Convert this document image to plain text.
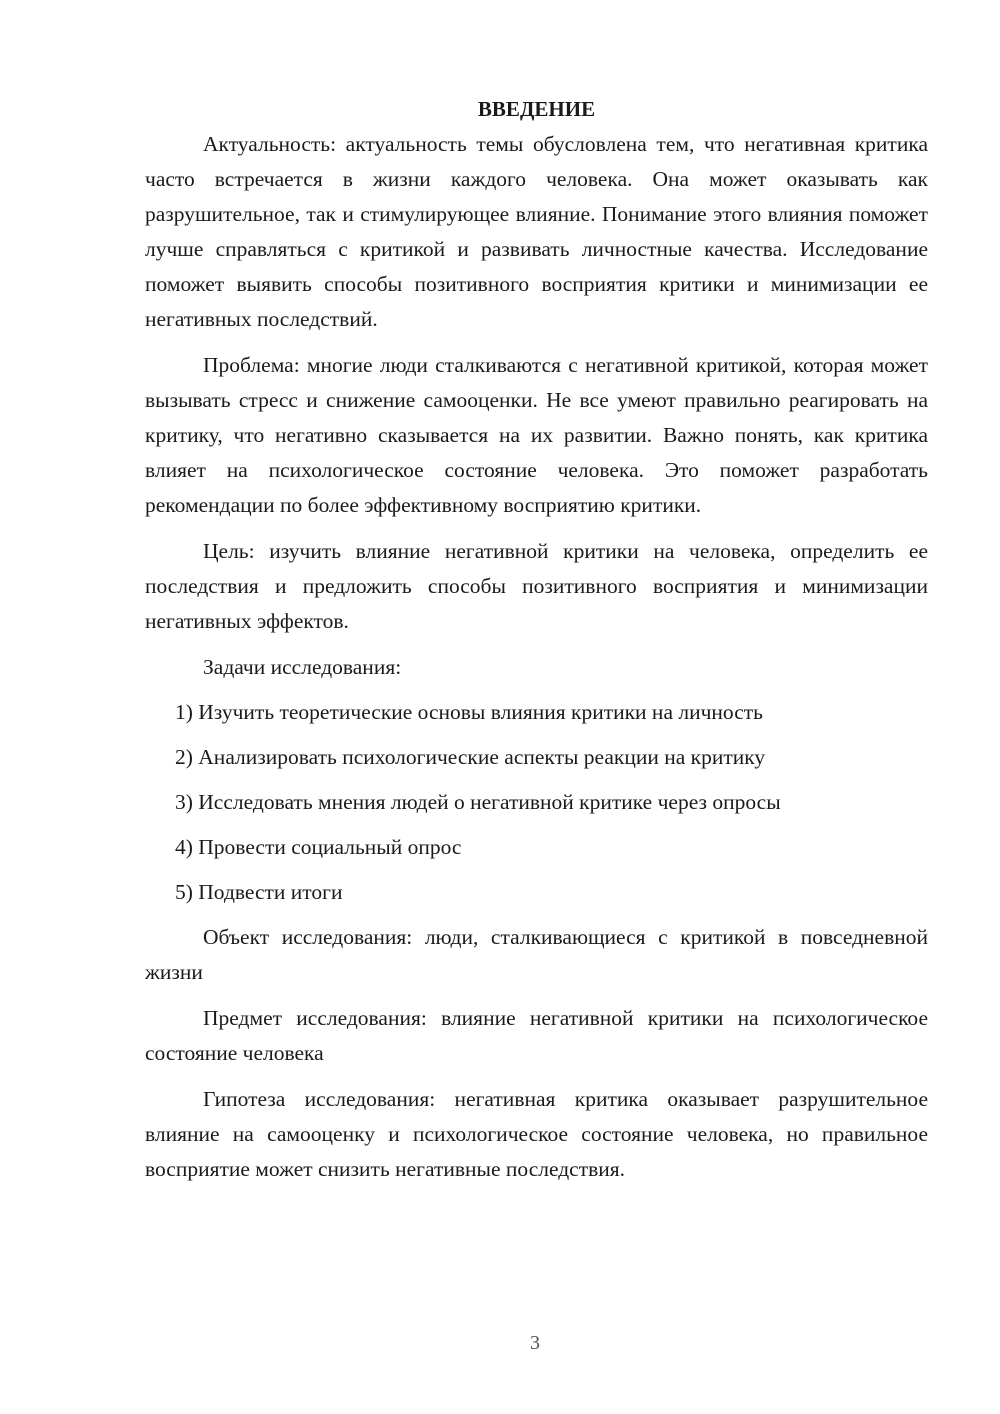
ВВЕДЕНИЕ

Актуальность: актуальность темы обусловлена тем, что негативная критика часто встречается в жизни каждого человека. Она может оказывать как разрушительное, так и стимулирующее влияние. Понимание этого влияния поможет лучше справляться с критикой и развивать личностные качества. Исследование поможет выявить способы позитивного восприятия критики и минимизации ее негативных последствий.

Проблема: многие люди сталкиваются с негативной критикой, которая может вызывать стресс и снижение самооценки. Не все умеют правильно реагировать на критику, что негативно сказывается на их развитии. Важно понять, как критика влияет на психологическое состояние человека. Это поможет разработать рекомендации по более эффективному восприятию критики.

Цель: изучить влияние негативной критики на человека, определить ее последствия и предложить способы позитивного восприятия и минимизации негативных эффектов.

Задачи исследования:

1) Изучить теоретические основы влияния критики на личность

2) Анализировать психологические аспекты реакции на критику

3) Исследовать мнения людей о негативной критике через опросы

4) Провести социальный опрос

5) Подвести итоги

Объект исследования: люди, сталкивающиеся с критикой в повседневной жизни

Предмет исследования: влияние негативной критики на психологическое состояние человека

Гипотеза исследования: негативная критика оказывает разрушительное влияние на самооценку и психологическое состояние человека, но правильное восприятие может снизить негативные последствия.

3
